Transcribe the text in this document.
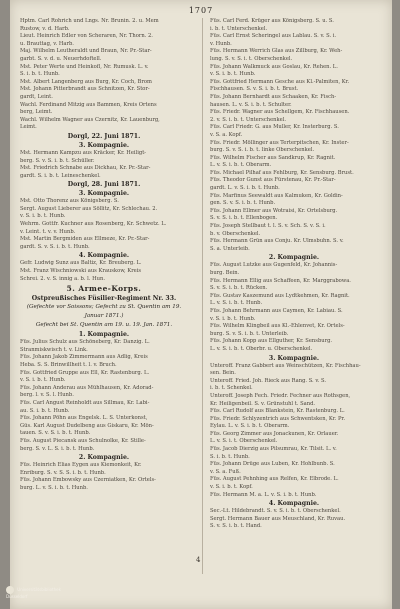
1707
Hptm. Carl Rohrich und Lngs. Nr. Brunin. 2. u. Mem
Rustow, v. d. Harb.
Lieut. Heinrich Edler von Scheraren, Nr. Thorn. 2.
u. Brauttag, v. Harb.
Maj. Wilhelm Leutheraldt und Braun, Nr. Pr.-Star-
garbt. S. v. d. u. Neuerhdoftell.
Mst. Peter Werte und Heinkofl, Nr. Rumusk. L. v.
S. i. b. t. Hunb.
Mst. Albert Langenberg aus Burg, Kr. Coch, Brom
Mst. Johann Pitterbrandt aus Schnitzen, Kr. Stor-
gardt, Leint.
Wachl. Ferdinand Mitzig aus Bammen, Kreis Ortens
berg, Leimt.
Wachl. Wilhelm Wagner aus Czernitz, Kr. Lauenburg,
Leimt.
Dorgl, 22. Juni 1871.
3. Kompagnie.
Mst. Hermann Kampzu aus Kräcker, Kr. Heiligt-
berg. S. v. S. i. b. t. Schüller.
Mst. Friedrich Schnabe aus Dickhau, Kr. Pr.-Star-
gardt. S. i. b. t. Leineschenkel.
Dorgl, 28. Juni 1871.
3. Kompagnie.
Mst. Otto Thorenz aus Königsberg. S.
Sergt. August Lieberer aus Söllitz, Kr. Schlechau. 2.
v. S. i. b. t. Hunb.
Wehrm. Gottfr. Kuchner aus Rosenberg, Kr. Schwetz. L.
v. Leint. t. v. v. Hunb.
Mst. Martin Bergmiden aus Ellmeze, Kr. Pr.-Star-
gardt. S. v. S. i. b. t. Hunb.
4. Kompagnie.
Gefr. Ludwig Sunz aus Baltiz, Kr. Breuberg. L.
Mst. Franz Wischniowski aus Krauskow, Kreis
Schrei. 2. v. S. innig a. b. l. Hun.
5. Armee-Korps.
Ostpreußisches Füsilier-Regiment Nr. 33.
(Gefechte vor Soissons; Gefecht zu St. Quentin am 19. Januar 1871.)
Gefecht bei St. Quentin am 19. u. 19. Jan. 1871.
1. Kompagnie.
Füs. Julius Schulz aus Schöneberg, Kr. Danzig. L.
Stranmiskwisch t. v. Link.
Füs. Johann Jakob Zimmermann aus Adlig, Kreis
Heba. S. S. Brinwillheit t. l. v. Bruch.
Füs. Gottfried Gruppe aus Ell, Kr. Rastenburg. L.
v. S. i. b. t. Hunb.
Füs. Johann Anderau aus Mühlhausen, Kr. Adorad-
berg. l. v. S. l. Hunb.
Füs. Carl Angust Reinholdt aus Sillmau, Kr. Labi-
au. S. i. b. t. Hunb.
Füs. Johann Pöhn aus Engelsk. L. S. Unterkonst,
Güs. Karl August Dudelbeng aus Giskaru, Kr. Mön-
tauen. S. v. S. i. b. t. Hunb.
Füs. August Piecansk aus Schulnolke, Kr. Stille-
berg. S. v. L. S. i. b. t. Hunb.
2. Kompagnie.
Füs. Heinrich Elias Eygen aus Kiemonkeit, Kr.
Enriburg. S. v. S. S. i. b. t. Hunb.
Füs. Johann Embowsky aus Czerniatken, Kr. Ortels-
burg. L. v. S. i. b. t. Hunb.
Füs. Carl Ferd. Krüger aus Königsberg. S. u. S.
i. b. t. Unterschenkel.
Füs. Carl Ernst Scheringel aus Lablau. S. v. S. i.
v. Hunb.
Füs. Hermann Werrich Glas aus Zillburg, Kr. Weh-
lung. S. v. S. i. t. Oberschenkel.
Füs. Johann Walkmuck aus Goslau, Kr. Rehen. L.
v. S. i. b. t. Hunb.
Füs. Gottfried Hermann Gesche aus Kl.-Palmiten, Kr.
Fischhausen. S. v. S. i. b. t. Brust.
Füs. Johann Bernhardt aus Schaaken, Kr. Fisch-
hausen. L. v. S. i. b. t. Schulter.
Füs. Friedr. Wagner aus Schellgem, Kr. Fischhausen.
2. v. S. i. b. t. Unterschenkel.
Füs. Carl Friedr. G. aus Muller, Kr. Insterburg. S.
v. S. a. Kopf.
Füs. Friedr. Möllinger aus Terterpitschen, Kr. Inster-
burg. S. v. S. i. b. t. linke Oberschenkel.
Füs. Wilhelm Fischer aus Sandkrup, Kr. Ragnit.
L. v. S. i. b. t. Oberarm.
Füs. Michael Pilhaf aus Fehlburg, Kr. Sensburg. Brust.
Füs. Theodor Gunst aus Fürstenau, Kr. Pr.-Star-
gardt. L. v. S. i. b. t. Hunb.
Füs. Marfinus Seewaldt aus Kalmuken, Kr. Goldin-
gen. S. v. S. i. b. t. Hunb.
Füs. Johann Ellmer aus Wotraisi, Kr. Ortelsburg.
S. v. S. i. b. t. Ellenbogen.
Füs. Joseph Stellbaut t. l. S. v. Sch. S. v. S. i.
b. v. Oberschenkel.
Füs. Hermann Grün aus Conju. Kr. Ulmsbuhn. S. v.
S. a. Unterleib.
2. Kompagnie.
Füs. August Lutzke aus Gugenfeld, Kr. Johannis-
burg. Bein.
Füs. Hermann Ellig aus Schaffeen, Kr. Marggrabowa.
S. v. S. i. b. t. Rücken.
Füs. Gustav Kaszemund aus Lydtkehmen, Kr. Ragnit.
L. v. S. i. b. t. Hunb.
Füs. Johann Behrmann aus Caymen, Kr. Labiau. S.
v. S. i. b. t. Hunb.
Füs. Wilhelm Klingbeil aus Kl.-Ehlenvet, Kr. Ortels-
burg. S. v. S. i. b. t. Unterleib.
Füs. Johann Kopp aus Ellguther, Kr. Sensburg.
L. v. S. i. b. t. Oberbr. u. Oberschenkel.
3. Kompagnie.
Unteroff. Franz Gabbert aus Weinschützen, Kr. Fischhau-
sen. Bein.
Unteroff. Fried. Joh. Rieck aus Rang. S. v. S.
i. b. t. Schenkel.
Unteroff. Joseph Fech. Friedr. Fechner aus Rothsgen,
Kr. Heiligenbeil. S. v. Grünstuhl t. Sand.
Füs. Carl Rudolf aus Blankstein, Kr. Rastenburg. L.
Füs. Friedr. Schlyzentrich aus Schwentsken, Kr. Pr.
Eylau. L. v. S. i. b. t. Oberarm.
Füs. Georg Zimmer aus Jonackunen, Kr. Orlauer.
L. v. S. i. t. Oberschenkel.
Füs. Jacob Dierzig aus Pilsumrau, Kr. Tilsit. L. v.
S. i. b. t. Hunb.
Füs. Johann Drüge aus Luben, Kr. Hohlbunb. S.
v. S. a. Fuß.
Füs. August Pehnhing aus Relfen, Kr. Elbrode. L.
v. S. i. b. t. Kopf.
Füs. Hermann M. a. L. v. S. i. b. t. Hunb.
4. Kompagnie.
Sec.-Lt. Hildebrandt. S. v. S. i. b. t. Oberschenkel.
Sergt. Hermann Bauer aus Meuschland, Kr. Ruvau.
S. v. S. i. b. t. Hand.
4
Universitätsbibliothek
Düsseldorf
